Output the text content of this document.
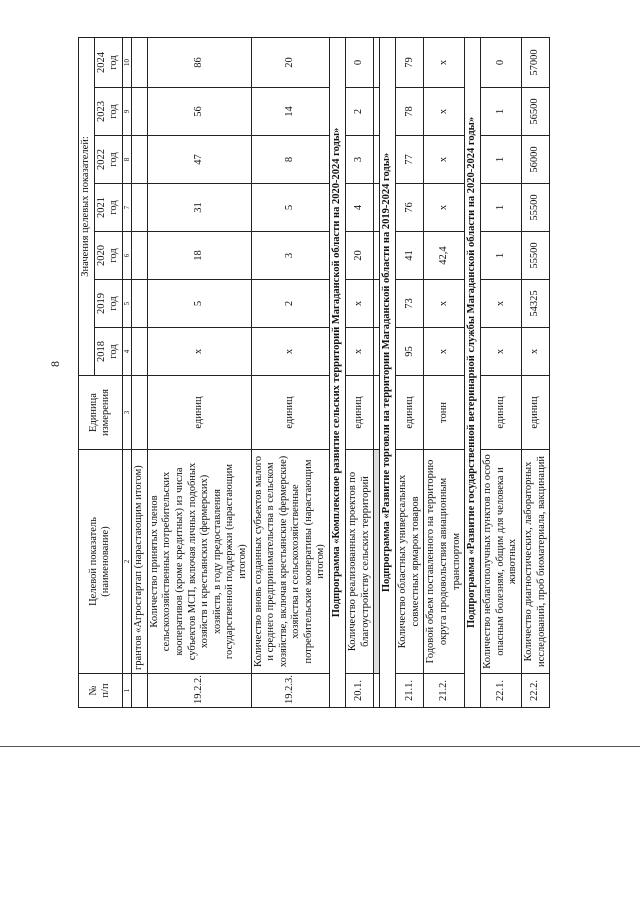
8
№ п/п	Целевой показатель (наименование)	Единица измерения	Значения целевых показателей:						
			2018 год	2019 год	2020 год	2021 год	2022 год	2023 год	2024 год
1	2	3	4	5	6	7	8	9	10
	грантов «Агростартап (нарастающим итогом)								
19.2.2.	Количество принятых членов сельскохозяйственных потребительских кооперативов (кроме кредитных) из числа субъектов МСП, включая личных подобных хозяйств и крестьянских (фермерских) хозяйств, в году предоставления государственной поддержки (нарастающим итогом)	единиц	х	5	18	31	47	56	86
19.2.3.	Количество вновь созданных субъектов малого и среднего предпринимательства в сельском хозяйстве, включая крестьянские (фермерские) хозяйства и сельскохозяйственные потребительские кооперативы (нарастающим итогом)	единиц	х	2	3	5	8	14	20
Подпрограмма «Комплексное развитие сельских территорий Магаданской области на 2020-2024 годы»									
20.1.	Количество реализованных проектов по благоустройству сельских территорий	единиц	х	х	20	4	3	2	0

Подпрограмма «Развитие торговли на территории Магаданской области на 2019-2024 годы»									
21.1.	Количество областных универсальных совместных ярмарок товаров	единиц	95	73	41	76	77	78	79
21.2.	Годовой объем поставленного на территорию округа продовольствия авиационным транспортом	тонн	х	х	42,4	х	х	х	х
Подпрограмма «Развитие государственной ветеринарной службы Магаданской области на 2020-2024 годы»									
22.1.	Количество неблагополучных пунктов по особо опасным болезням, общим для человека и животных	единиц	х	х	1	1	1	1	0
22.2.	Количество диагностических, лабораторных исследований, проб биоматериала, вакцинаций	единиц	х	54325	55500	55500	56000	56500	57000
